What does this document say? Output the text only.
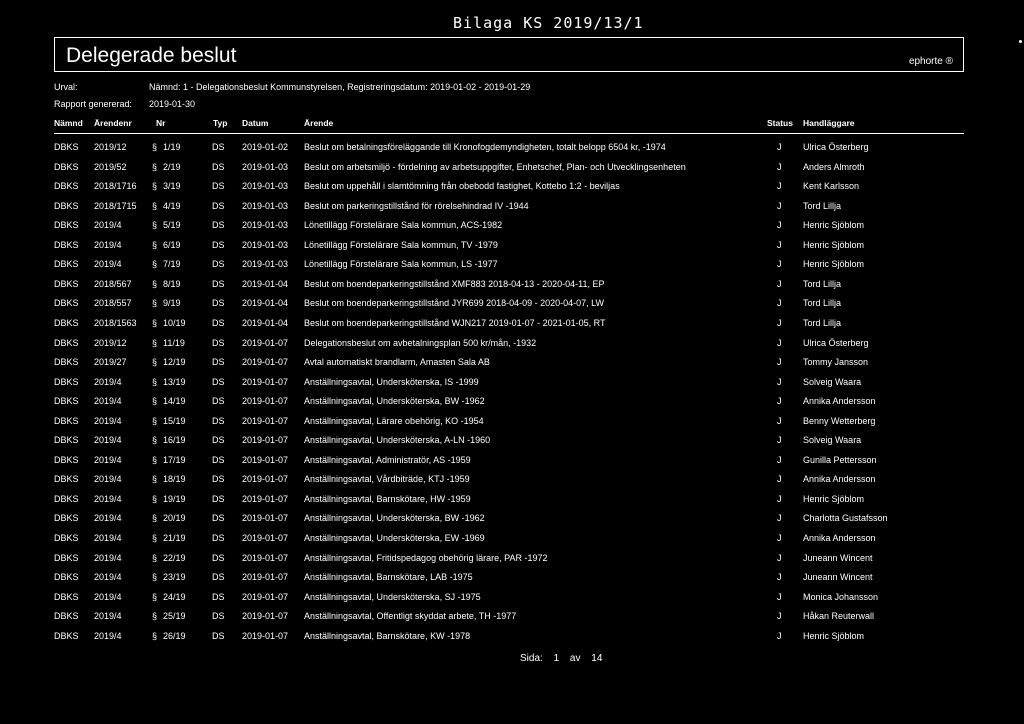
Bilaga KS 2019/13/1
Delegerade beslut	ephorte ®
Urval:	Nämnd: 1 - Delegationsbeslut Kommunstyrelsen, Registreringsdatum: 2019-01-02 - 2019-01-29
Rapport genererad: 2019-01-30
Nämnd Ärendenr	Nr	Typ Datum	Ärende	Status Handläggare
DBKS 2019/12	§ 1/19	DS 2019-01-02 Beslut om betalningsföreläggande till Kronofogdemyndigheten, totalt belopp 6504 kr, -1974	J Ulrica Österberg
DBKS 2019/52	§ 2/19	DS 2019-01-03 Beslut om arbetsmiljö - fördelning av arbetsuppgifter, Enhetschef, Plan- och Utvecklingsenheten	J Anders Almroth
DBKS 2018/1716 § 3/19	DS 2019-01-03 Beslut om uppehåll i slamtömning från obebodd fastighet, Kottebo 1:2 - beviljas	J Kent Karlsson
DBKS 2018/1715 § 4/19	DS 2019-01-03 Beslut om parkeringstillstånd för rörelsehindrad IV -1944	J Tord Lillja
DBKS 2019/4	§ 5/19	DS 2019-01-03 Lönetillägg Förstelärare Sala kommun, ACS-1982	J Henric Sjöblom
DBKS 2019/4	§ 6/19	DS 2019-01-03 Lönetillägg Förstelärare Sala kommun, TV -1979	J Henric Sjöblom
DBKS 2019/4	§ 7/19	DS 2019-01-03 Lönetillägg Förstelärare Sala kommun, LS -1977	J Henric Sjöblom
DBKS 2018/567 § 8/19	DS 2019-01-04 Beslut om boendeparkeringstillstånd XMF883 2018-04-13 - 2020-04-11, EP	J Tord Lillja
DBKS 2018/557 § 9/19	DS 2019-01-04 Beslut om boendeparkeringstillstånd JYR699 2018-04-09 - 2020-04-07, LW	J Tord Lillja
DBKS 2018/1563 § 10/19	DS 2019-01-04 Beslut om boendeparkeringstillstånd WJN217 2019-01-07 - 2021-01-05, RT	J Tord Lillja
DBKS 2019/12	§ 11/19	DS 2019-01-07 Delegationsbeslut om avbetalningsplan 500 kr/mån, -1932	J Ulrica Österberg
DBKS 2019/27	§ 12/19	DS 2019-01-07 Avtal automatiskt brandlarm, Amasten Sala AB	J Tommy Jansson
DBKS 2019/4	§ 13/19	DS 2019-01-07 Anställningsavtal, Undersköterska, IS -1999	J Solveig Waara
DBKS 2019/4	§ 14/19	DS 2019-01-07 Anställningsavtal, Undersköterska, BW -1962	J Annika Andersson
DBKS 2019/4	§ 15/19	DS 2019-01-07 Anställningsavtal, Lärare obehörig, KO -1954	J Benny Wetterberg
DBKS 2019/4	§ 16/19	DS 2019-01-07 Anställningsavtal, Undersköterska, A-LN -1960	J Solveig Waara
DBKS 2019/4	§ 17/19	DS 2019-01-07 Anställningsavtal, Administratör, AS -1959	J Gunilla Pettersson
DBKS 2019/4	§ 18/19	DS 2019-01-07 Anställningsavtal, Vårdbiträde, KTJ -1959	J Annika Andersson
DBKS 2019/4	§ 19/19	DS 2019-01-07 Anställningsavtal, Barnskötare, HW -1959	J Henric Sjöblom
DBKS 2019/4	§ 20/19	DS 2019-01-07 Anställningsavtal, Undersköterska, BW -1962	J Charlotta Gustafsson
DBKS 2019/4	§ 21/19	DS 2019-01-07 Anställningsavtal, Undersköterska, EW -1969	J Annika Andersson
DBKS 2019/4	§ 22/19	DS 2019-01-07 Anställningsavtal, Fritidspedagog obehörig lärare, PAR -1972	J Juneann Wincent
DBKS 2019/4	§ 23/19	DS 2019-01-07 Anställningsavtal, Barnskötare, LAB -1975	J Juneann Wincent
DBKS 2019/4	§ 24/19	DS 2019-01-07 Anställningsavtal, Undersköterska, SJ -1975	J Monica Johansson
DBKS 2019/4	§ 25/19	DS 2019-01-07 Anställningsavtal, Offentligt skyddat arbete, TH -1977	J Håkan Reuterwall
DBKS 2019/4	§ 26/19	DS 2019-01-07 Anställningsavtal, Barnskötare, KW -1978	J Henric Sjöblom
Sida: 1 av 14
